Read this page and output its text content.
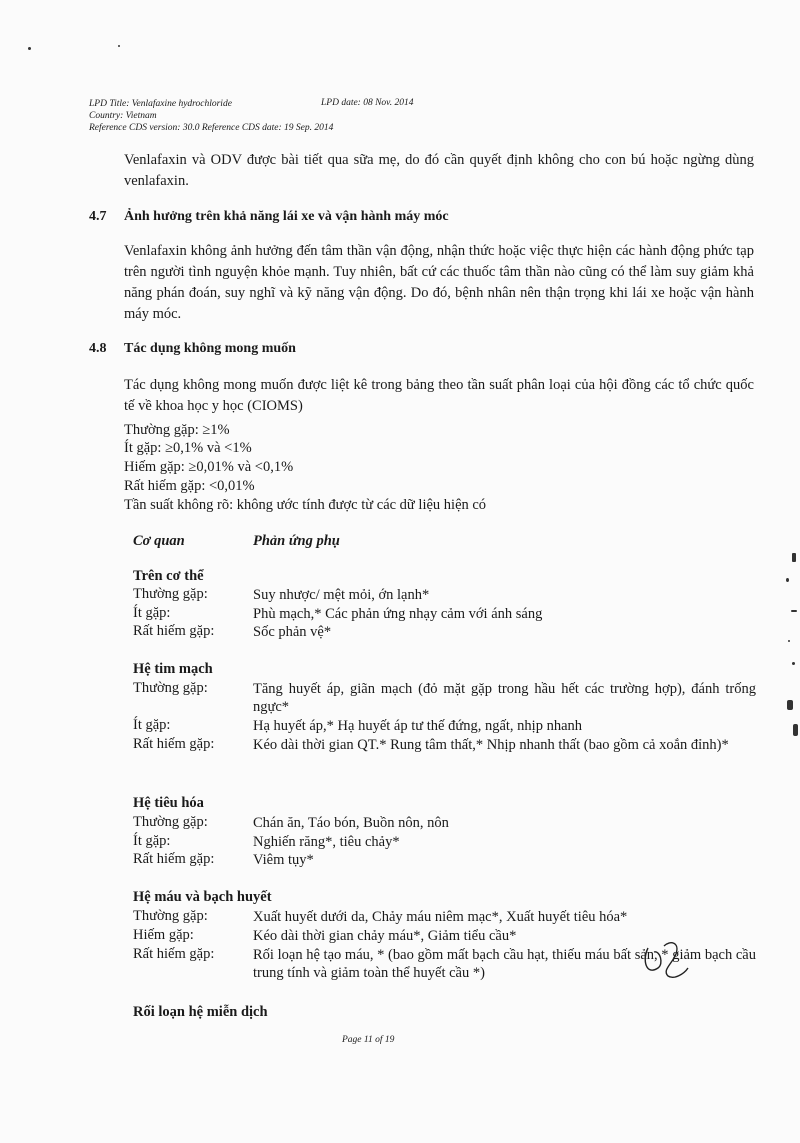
LPD Title: Venlafaxine hydrochloride	LPD date: 08 Nov. 2014
Country: Vietnam
Reference CDS version: 30.0 Reference CDS date: 19 Sep. 2014
Venlafaxin và ODV được bài tiết qua sữa mẹ, do đó cần quyết định không cho con bú hoặc ngừng dùng venlafaxin.
4.7 Ảnh hưởng trên khả năng lái xe và vận hành máy móc
Venlafaxin không ảnh hưởng đến tâm thần vận động, nhận thức hoặc việc thực hiện các hành động phức tạp trên người tình nguyện khỏe mạnh. Tuy nhiên, bất cứ các thuốc tâm thần nào cũng có thể làm suy giảm khả năng phán đoán, suy nghĩ và kỹ năng vận động. Do đó, bệnh nhân nên thận trọng khi lái xe hoặc vận hành máy móc.
4.8 Tác dụng không mong muốn
Tác dụng không mong muốn được liệt kê trong bảng theo tần suất phân loại của hội đồng các tổ chức quốc tế về khoa học y học (CIOMS)
Thường gặp: ≥1%
Ít gặp: ≥0,1% và <1%
Hiếm gặp: ≥0,01% và <0,1%
Rất hiếm gặp: <0,01%
Tần suất không rõ: không ước tính được từ các dữ liệu hiện có
Cơ quan	Phản ứng phụ
Trên cơ thể
Thường gặp:	Suy nhược/ mệt mỏi, ớn lạnh*
Ít gặp:	Phù mạch,* Các phản ứng nhạy cảm với ánh sáng
Rất hiếm gặp:	Sốc phản vệ*
Hệ tim mạch
Thường gặp:	Tăng huyết áp, giãn mạch (đỏ mặt gặp trong hầu hết các trường hợp), đánh trống ngực*
Ít gặp:	Hạ huyết áp,* Hạ huyết áp tư thế đứng, ngất, nhịp nhanh
Rất hiếm gặp:	Kéo dài thời gian QT.* Rung tâm thất,* Nhịp nhanh thất (bao gồm cả xoắn đỉnh)*
Hệ tiêu hóa
Thường gặp:	Chán ăn, Táo bón, Buồn nôn, nôn
Ít gặp:	Nghiến răng*, tiêu chảy*
Rất hiếm gặp:	Viêm tụy*
Hệ máu và bạch huyết
Thường gặp:	Xuất huyết dưới da, Chảy máu niêm mạc*, Xuất huyết tiêu hóa*
Hiếm gặp:	Kéo dài thời gian chảy máu*, Giảm tiểu cầu*
Rất hiếm gặp:	Rối loạn hệ tạo máu, * (bao gồm mất bạch cầu hạt, thiếu máu bất sản, * giảm bạch cầu trung tính và giảm toàn thể huyết cầu *)
Rối loạn hệ miễn dịch
Page 11 of 19
